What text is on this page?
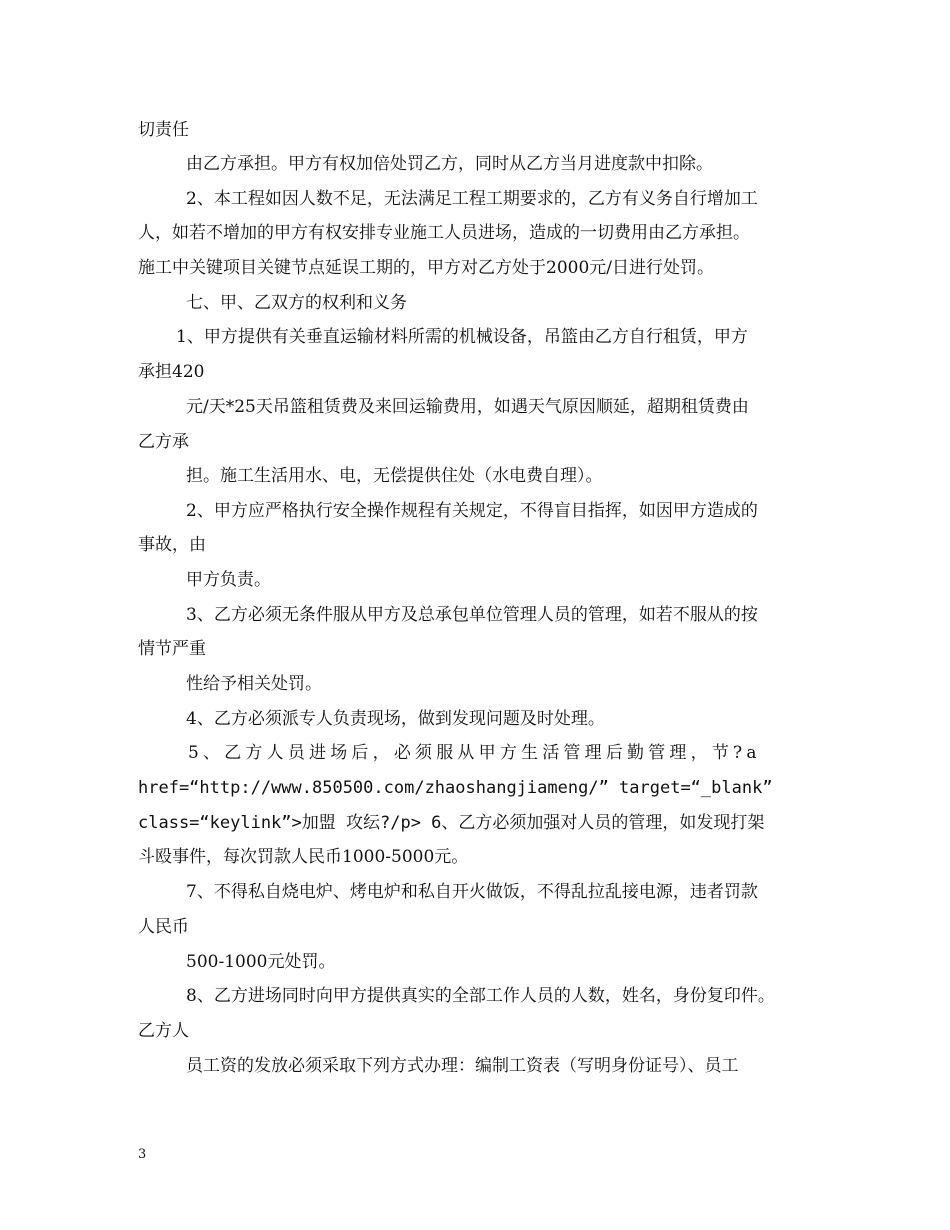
切责任
由乙方承担。甲方有权加倍处罚乙方，同时从乙方当月进度款中扣除。
2、本工程如因人数不足，无法满足工程工期要求的，乙方有义务自行增加工
人，如若不增加的甲方有权安排专业施工人员进场，造成的一切费用由乙方承担。
施工中关键项目关键节点延误工期的，甲方对乙方处于2000元/日进行处罚。
七、甲、乙双方的权利和义务
1、甲方提供有关垂直运输材料所需的机械设备，吊篮由乙方自行租赁，甲方
承担420
元/天*25天吊篮租赁费及来回运输费用，如遇天气原因顺延，超期租赁费由
乙方承
担。施工生活用水、电，无偿提供住处（水电费自理）。
2、甲方应严格执行安全操作规程有关规定，不得盲目指挥，如因甲方造成的
事故，由
甲方负责。
3、乙方必须无条件服从甲方及总承包单位管理人员的管理，如若不服从的按
情节严重
性给予相关处罚。
4、乙方必须派专人负责现场，做到发现问题及时处理。
5、乙方人员进场后，必须服从甲方生活管理后勤管理，节?a
href=“http://www.850500.com/zhaoshangjiameng/” target=“_blank”
class=“keylink”>加盟 攻纭?/p> 6、乙方必须加强对人员的管理，如发现打架
斗殴事件，每次罚款人民币1000-5000元。
7、不得私自烧电炉、烤电炉和私自开火做饭，不得乱拉乱接电源，违者罚款
人民币
500-1000元处罚。
8、乙方进场同时向甲方提供真实的全部工作人员的人数，姓名，身份复印件。
乙方人
员工资的发放必须采取下列方式办理：编制工资表（写明身份证号）、员工
3
